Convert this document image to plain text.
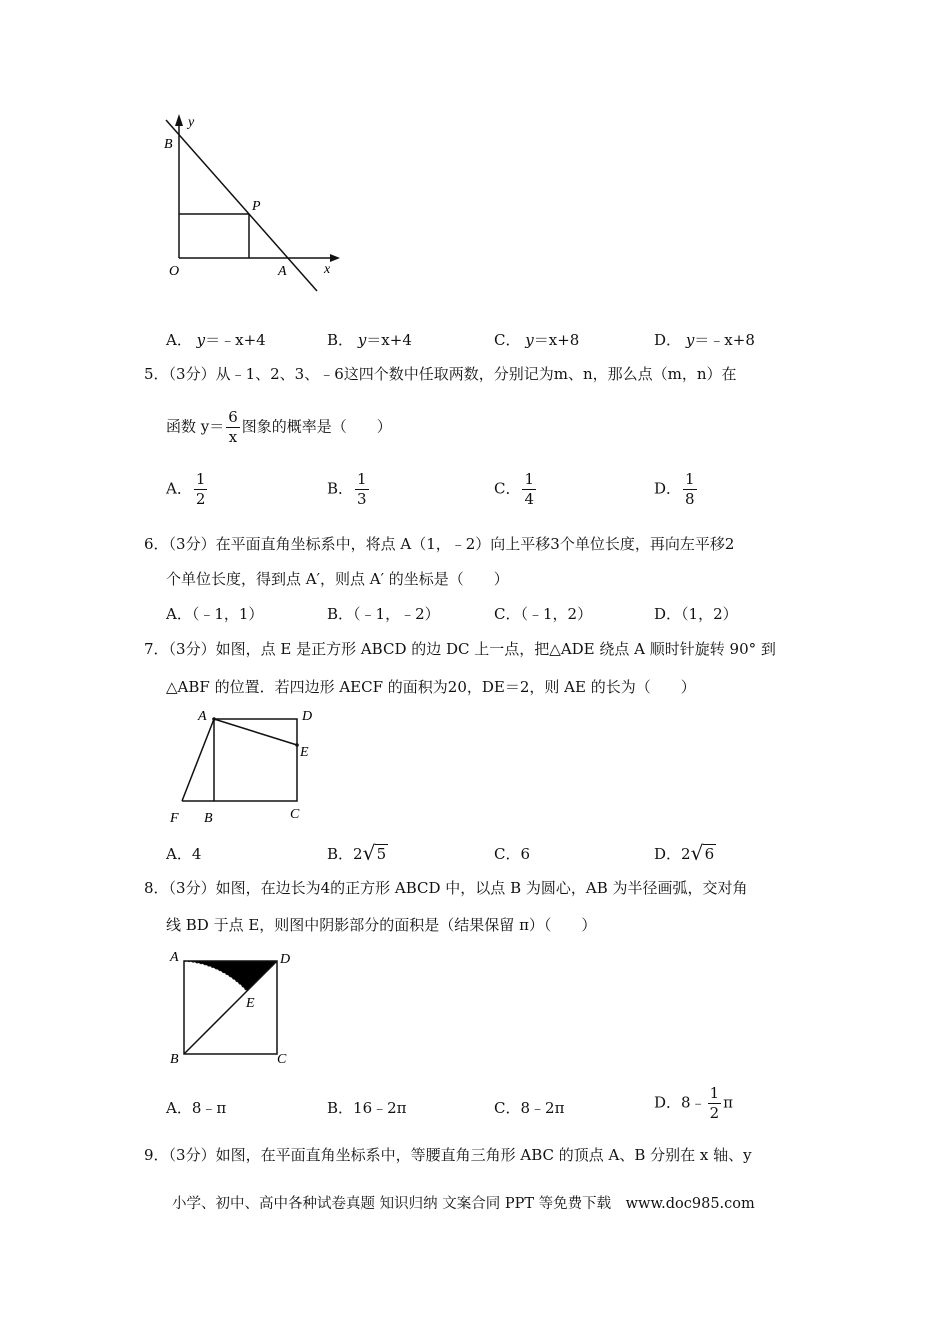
y
B
P
O	A	x
A． y＝﹣x+4	B． y＝x+4	C． y＝x+8	D． y＝﹣x+8
5．（3分）从﹣1、2、3、﹣6这四个数中任取两数，分别记为m、n，那么点（m，n）在
函数 $y= \frac{6}{x}$ 图象的概率是（　　）
A． $\frac{1}{2}$	B． $\frac{1}{3}$	C． $\frac{1}{4}$	D． $\frac{1}{8}$
6．（3分）在平面直角坐标系中，将点 A（1，﹣2）向上平移3个单位长度，再向左平移2
个单位长度，得到点 A′，则点 A′ 的坐标是（　　）
A．（﹣1，1）	B．（﹣1，﹣2）	C．（﹣1，2）	D．（1，2）
7．（3分）如图，点 E 是正方形 ABCD 的边 DC 上一点，把△ADE 绕点 A 顺时针旋转 90° 到
△ABF 的位置．若四边形 AECF 的面积为20，DE＝2，则 AE 的长为（　　）
A	D
E
F B	C
A．4	B．2 √ 5	C．6	D．2 √ 6
8．（3分）如图，在边长为4的正方形 ABCD 中，以点 B 为圆心，AB 为半径画弧，交对角
线 BD 于点 E，则图中阴影部分的面积是（结果保留 π）（　　）
A	D
E
B	C
A．8﹣π	B．16﹣2π	C．8﹣2π	D．8﹣ $\frac{1}{2}$ π
9．（3分）如图，在平面直角坐标系中，等腰直角三角形 ABC 的顶点 A、B 分别在 x 轴、y
小学、初中、高中各种试卷真题 知识归纳 文案合同 PPT 等免费下载　www.doc985.com
